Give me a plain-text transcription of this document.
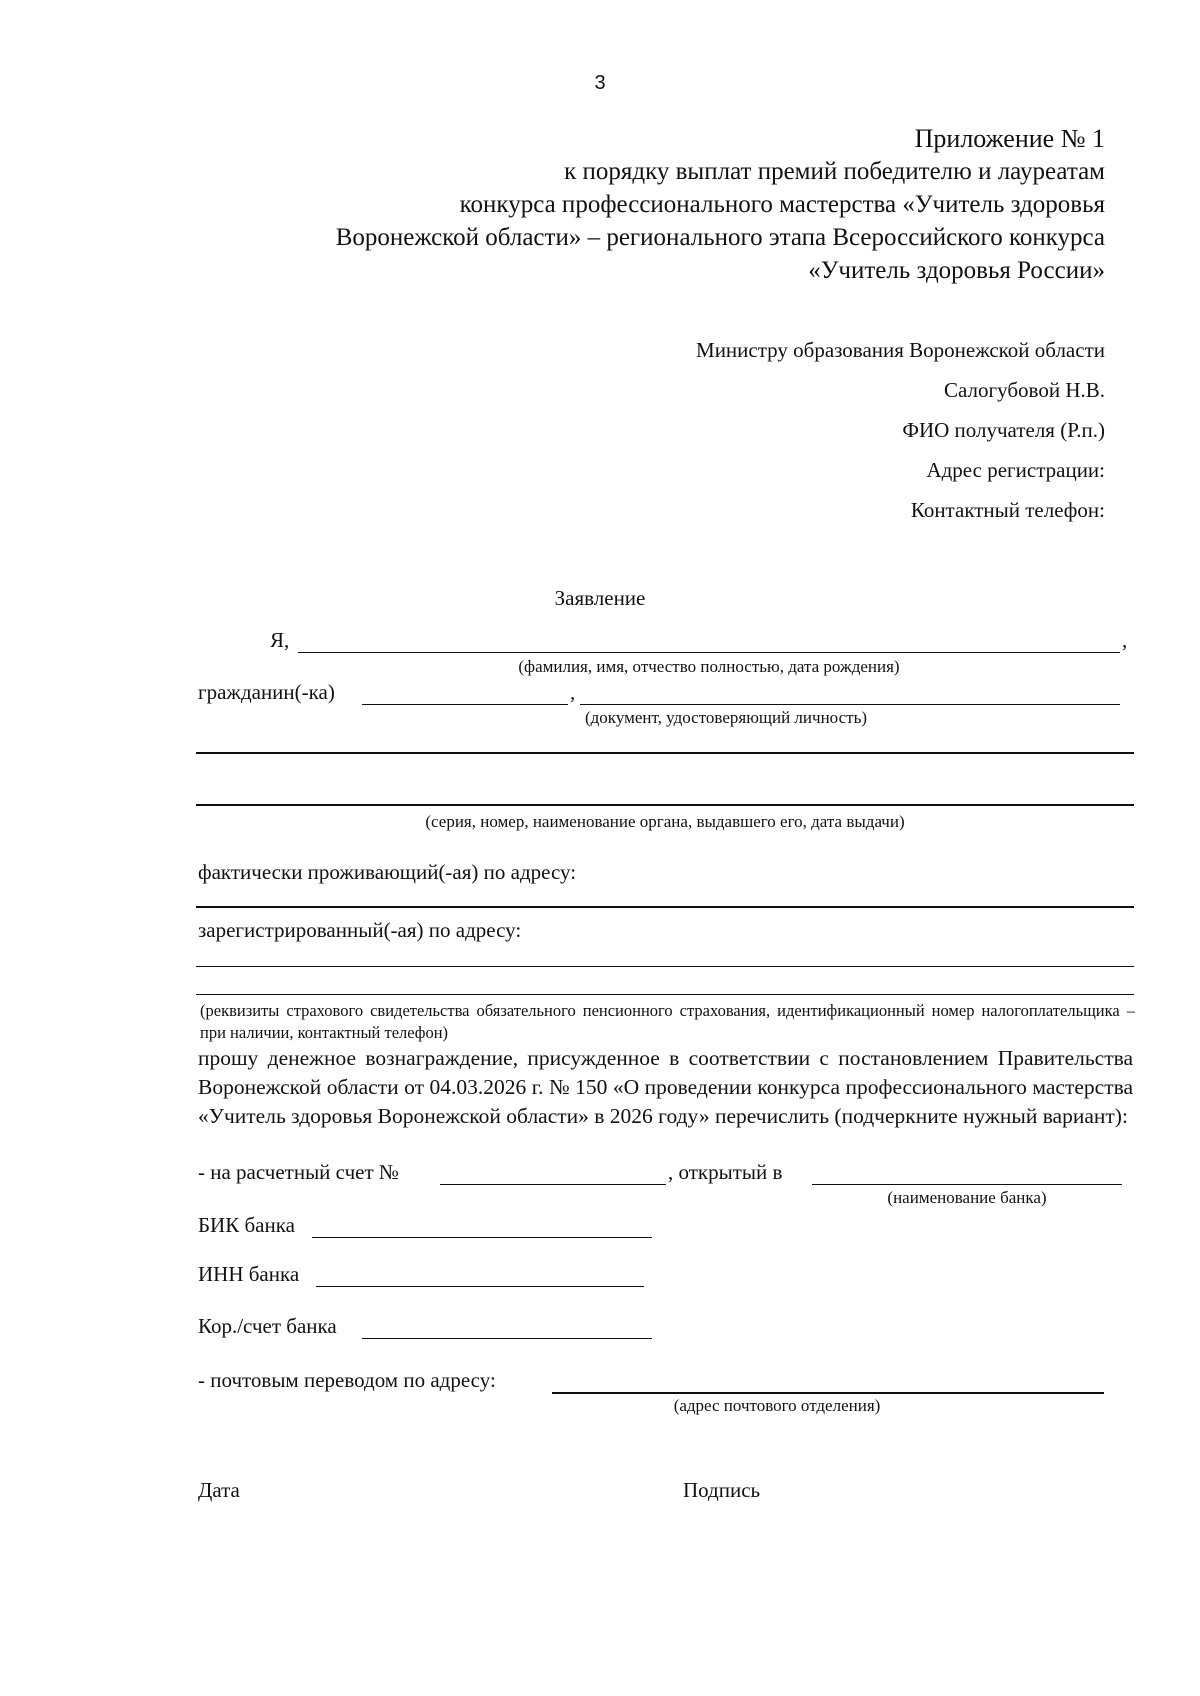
3
Приложение № 1
к порядку выплат премий победителю и лауреатам
конкурса профессионального мастерства «Учитель здоровья
Воронежской области» – регионального этапа Всероссийского конкурса
«Учитель здоровья России»
Министру образования Воронежской области
Салогубовой Н.В.
ФИО получателя (Р.п.)
Адрес регистрации:
Контактный телефон:
Заявление
Я,	,
(фамилия, имя, отчество полностью, дата рождения)
гражданин(-ка)	,
(документ, удостоверяющий личность)
(серия, номер, наименование органа, выдавшего его, дата выдачи)
фактически проживающий(-ая) по адресу:
зарегистрированный(-ая) по адресу:
(реквизиты страхового свидетельства обязательного пенсионного страхования, идентификационный номер налогоплательщика – при наличии, контактный телефон)
прошу денежное вознаграждение, присужденное в соответствии с постановлением Правительства Воронежской области от 04.03.2026 г. № 150 «О проведении конкурса профессионального мастерства «Учитель здоровья Воронежской области» в 2026 году» перечислить (подчеркните нужный вариант):
- на расчетный счет №	, открытый в
(наименование банка)
БИК банка
ИНН банка
Кор./счет банка
- почтовым переводом по адресу:
(адрес почтового отделения)
Дата	Подпись
